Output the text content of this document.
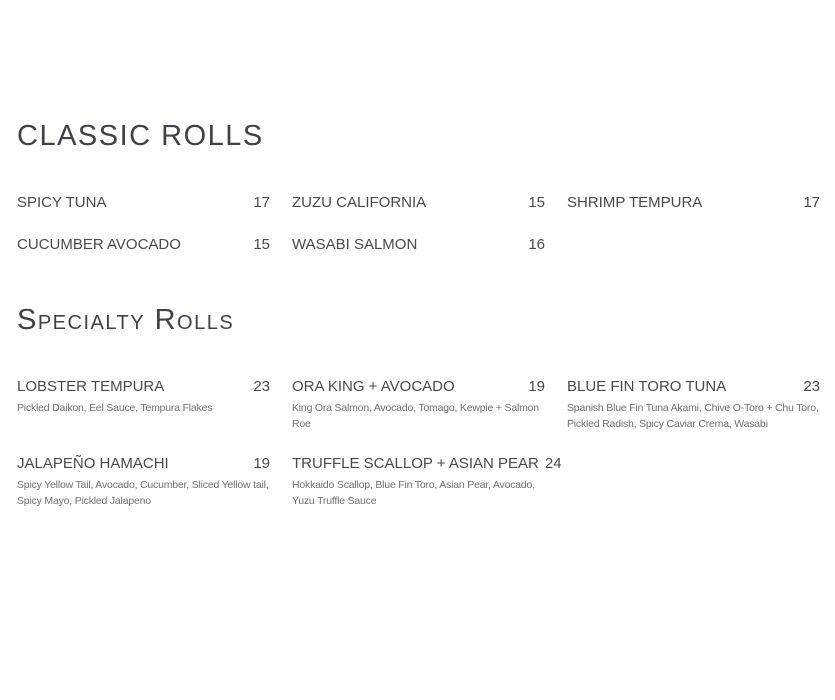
CLASSIC ROLLS
SPICY TUNA	17 ZUZU CALIFORNIA	15 SHRIMP TEMPURA	17
CUCUMBER AVOCADO	15 WASABI SALMON	16
Specialty Rolls
LOBSTER TEMPURA	23

Pickled Daikon, Eel Sauce, Tempura Flakes

ORA KING + AVOCADO	19

King Ora Salmon, Avocado, Tomago, Kewpie + Salmon Roe

BLUE FIN TORO TUNA	23

Spanish Blue Fin Tuna Akami, Chive O-Toro + Chu Toro, Pickled Radish, Spicy Caviar Crema, Wasabi

JALAPEÑO HAMACHI	19

Spicy Yellow Tail, Avocado, Cucumber, Sliced Yellow tail, Spicy Mayo, Pickled Jalapeno

TRUFFLE SCALLOP + ASIAN PEAR 24

Hokkaido Scallop, Blue Fin Toro, Asian Pear, Avocado, Yuzu Truffle Sauce
